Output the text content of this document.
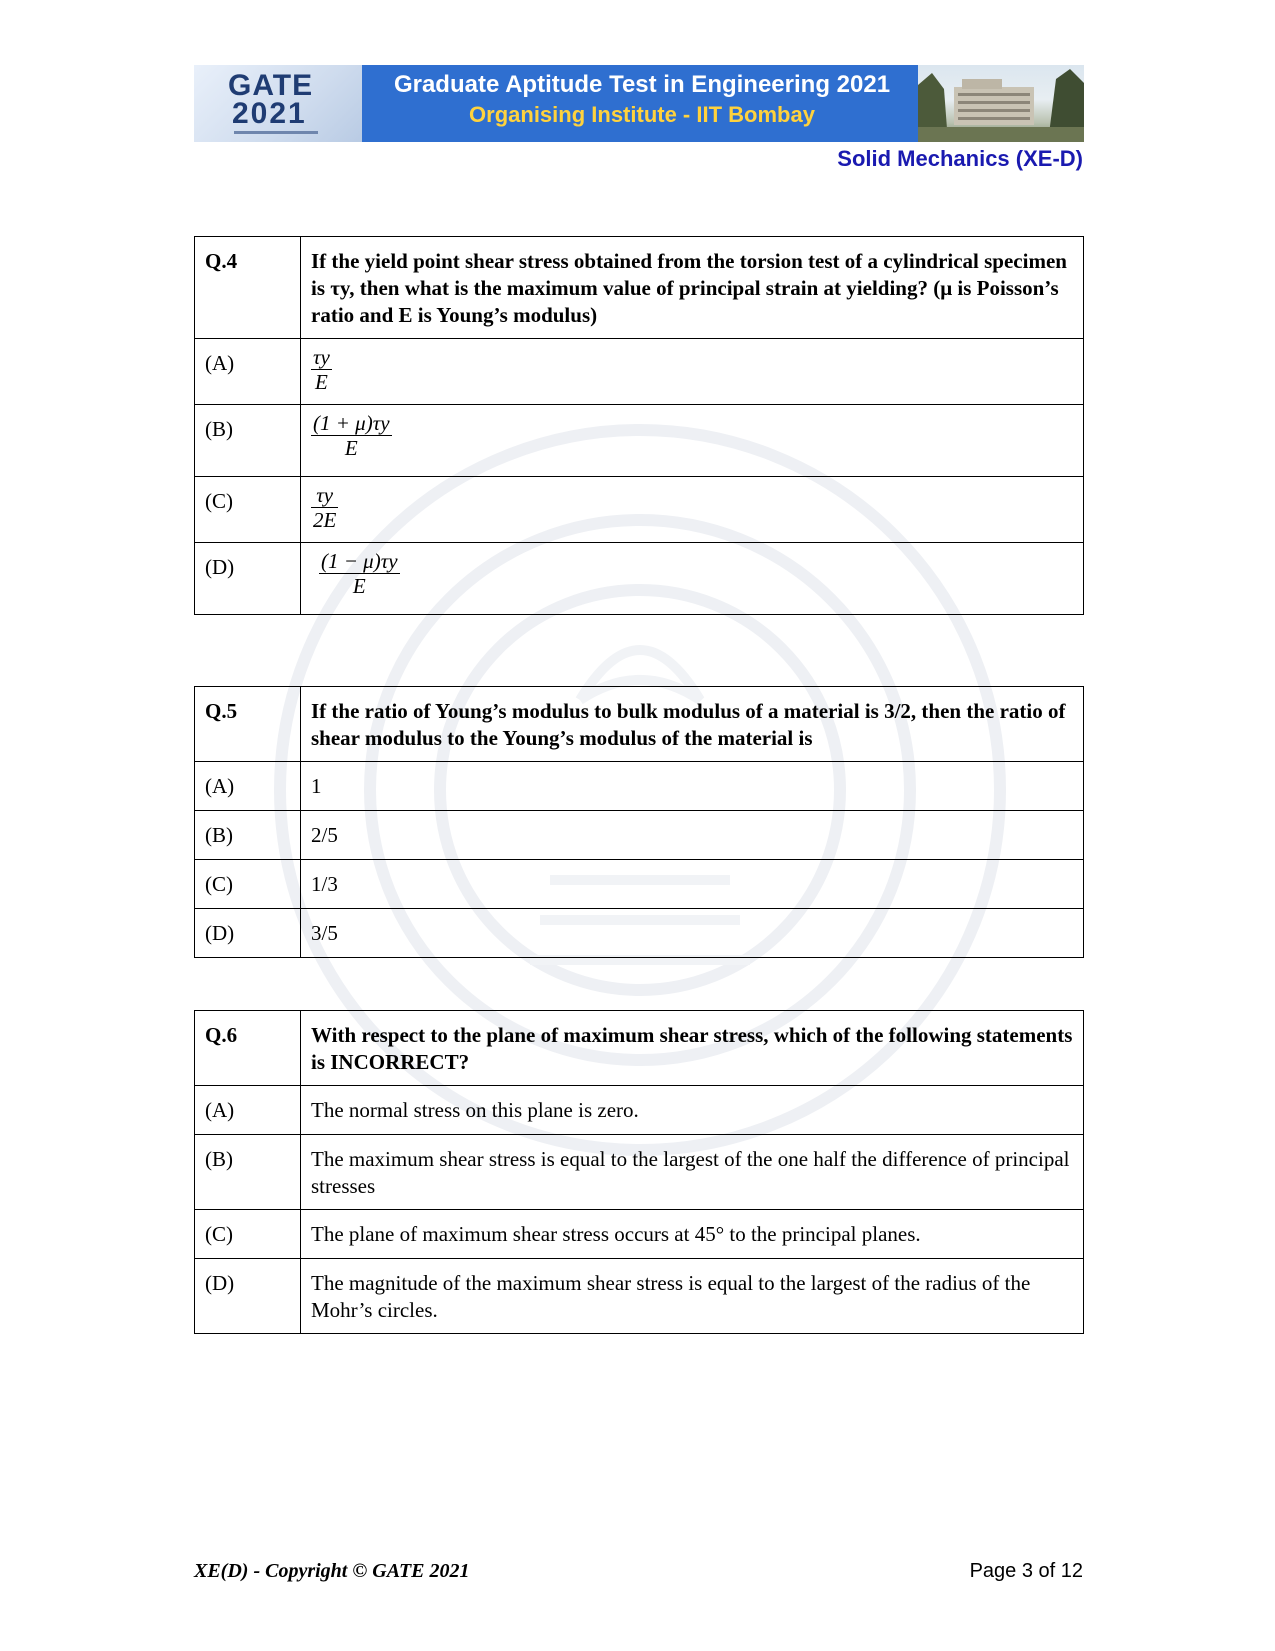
GATE
2021
Graduate Aptitude Test in Engineering 2021
Organising Institute - IIT Bombay
Solid Mechanics (XE-D)
Q.4	If the yield point shear stress obtained from the torsion test of a cylindrical specimen is τy, then what is the maximum value of principal strain at yielding? (μ is Poisson’s ratio and E is Young’s modulus)
(A)	$\frac{\tau y}{E}$

(B)	$\frac{(1 + \mu)\tau y}{E}$

(C)	$\frac{\tau y}{2E}$

(D)	$\frac{(1 - \mu)\tau y}{E}$
Q.5	If the ratio of Young’s modulus to bulk modulus of a material is 3/2, then the ratio of shear modulus to the Young’s modulus of the material is
(A)	1
(B)	2/5
(C)	1/3
(D)	3/5
Q.6	With respect to the plane of maximum shear stress, which of the following statements is INCORRECT?
(A)	The normal stress on this plane is zero.
(B)	The maximum shear stress is equal to the largest of the one half the difference of principal stresses
(C)	The plane of maximum shear stress occurs at 45° to the principal planes.
(D)	The magnitude of the maximum shear stress is equal to the largest of the radius of the Mohr’s circles.
XE(D) - Copyright © GATE 2021	Page 3 of 12
